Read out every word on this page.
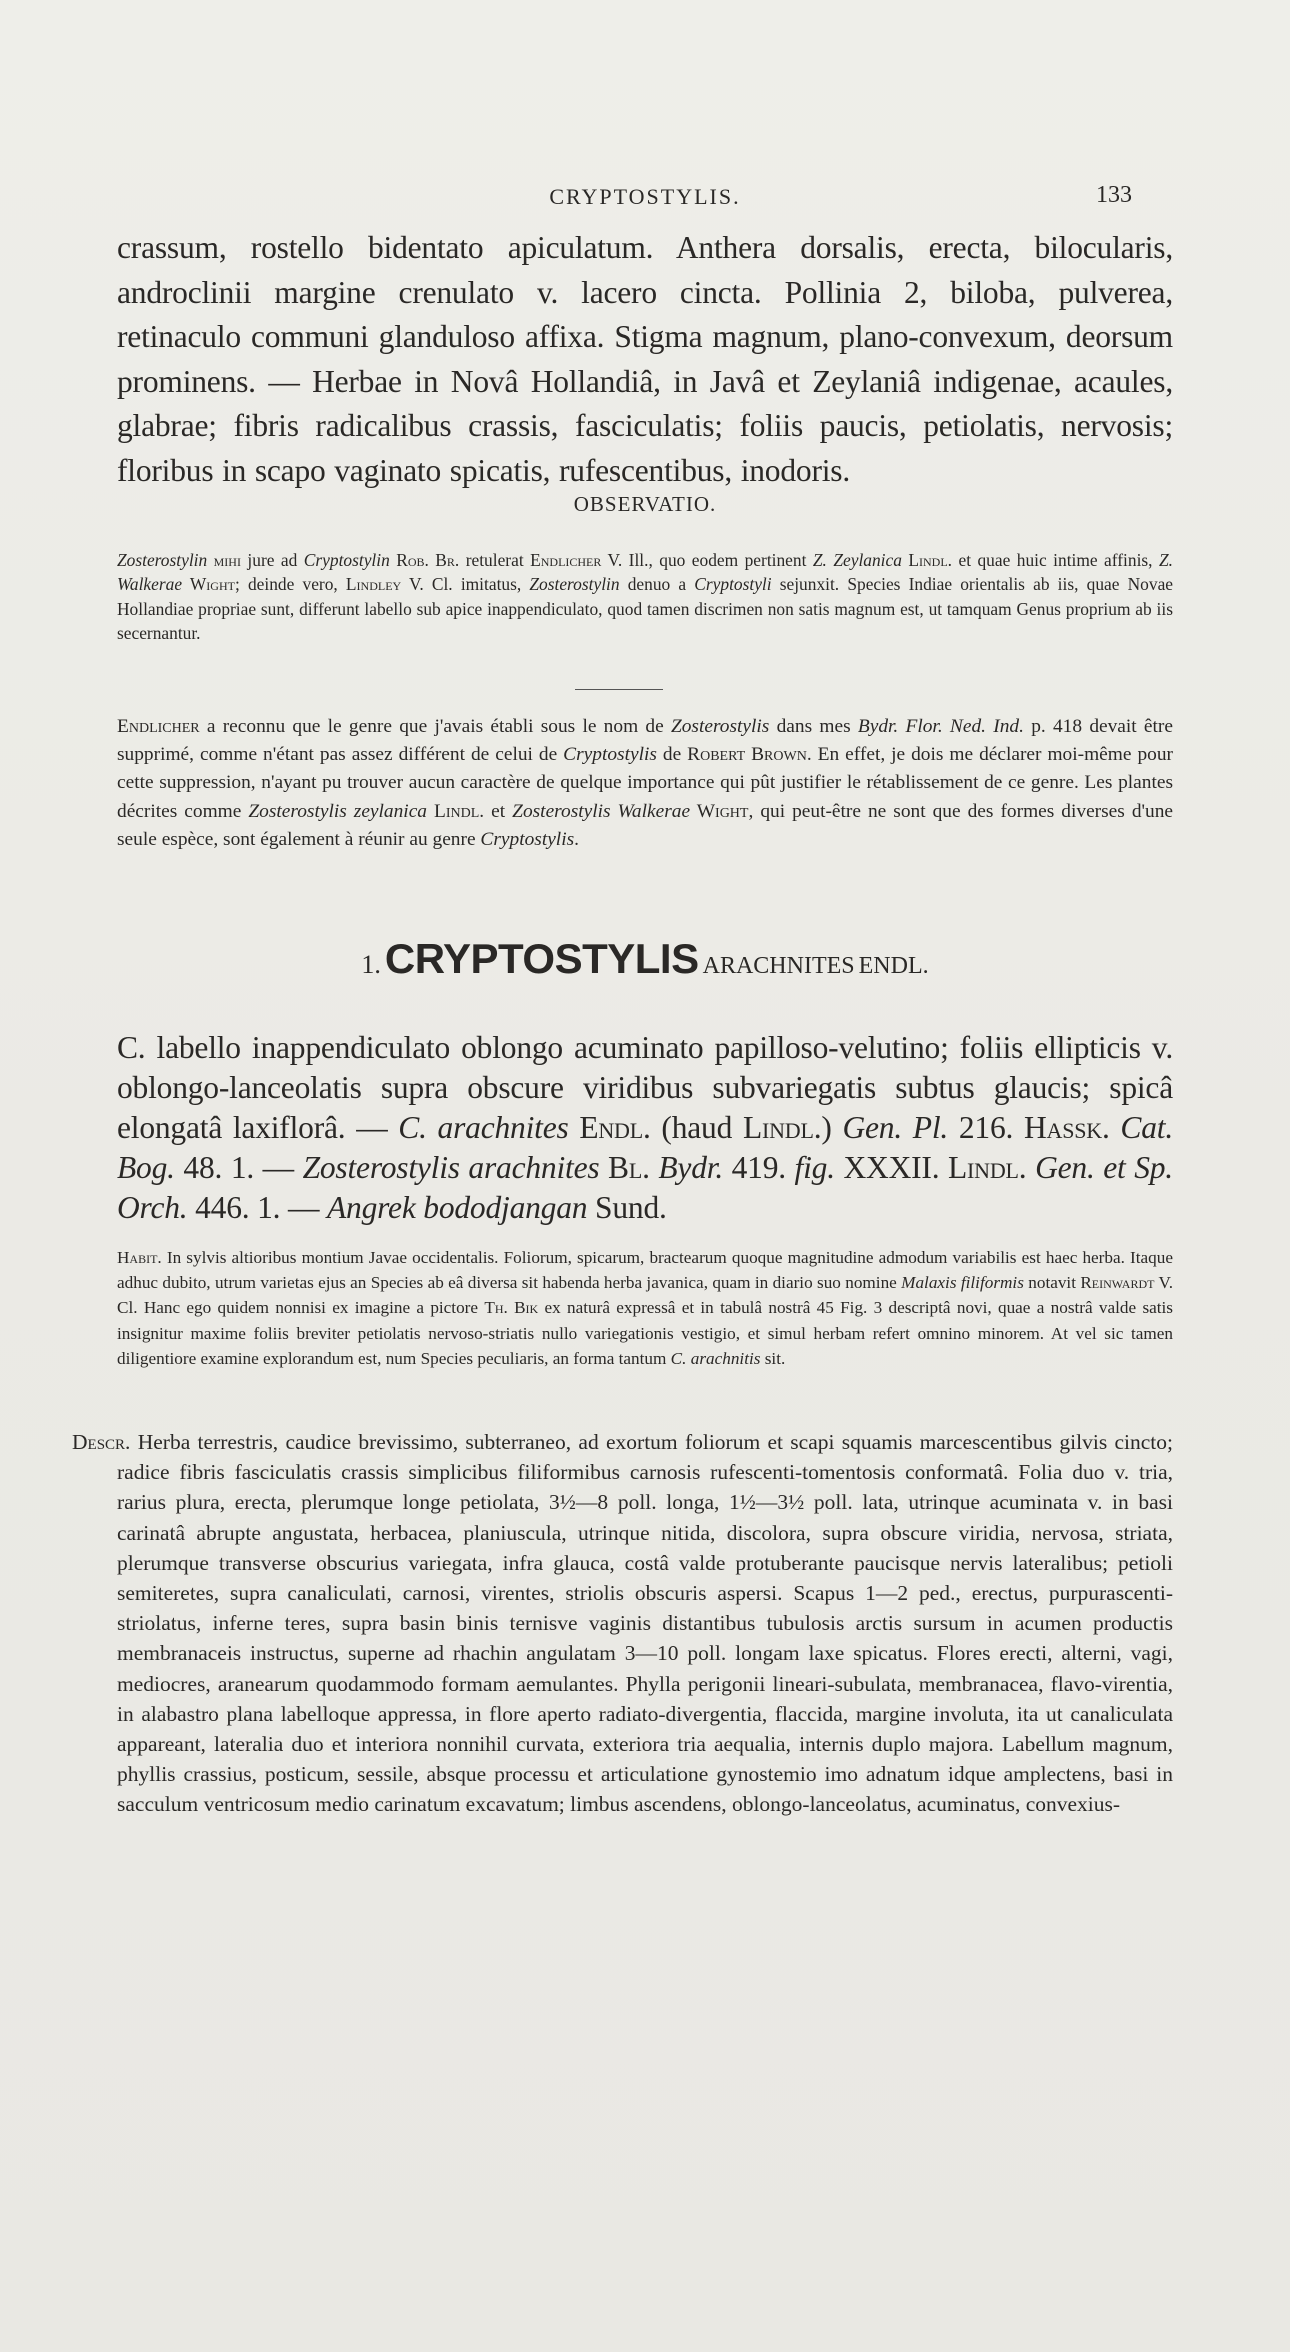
CRYPTOSTYLIS.	133
crassum, rostello bidentato apiculatum. Anthera dorsalis, erecta, bilocularis, androclinii margine crenulato v. lacero cincta. Pollinia 2, biloba, pulverea, retinaculo communi glanduloso affixa. Stigma magnum, plano-convexum, deorsum prominens. — Herbae in Novâ Hollandiâ, in Javâ et Zeylaniâ indigenae, acaules, glabrae; fibris radicalibus crassis, fasciculatis; foliis paucis, petiolatis, nervosis; floribus in scapo vaginato spicatis, rufescentibus, inodoris.
OBSERVATIO.
Zosterostylin mihi jure ad Cryptostylin Rob. Br. retulerat Endlicher V. Ill., quo eodem pertinent Z. Zeylanica Lindl. et quae huic intime affinis, Z. Walkerae Wight; deinde vero, Lindley V. Cl. imitatus, Zosterostylin denuo a Cryptostyli sejunxit. Species Indiae orientalis ab iis, quae Novae Hollandiae propriae sunt, differunt labello sub apice inappendiculato, quod tamen discrimen non satis magnum est, ut tamquam Genus proprium ab iis secernantur.
Endlicher a reconnu que le genre que j'avais établi sous le nom de Zosterostylis dans mes Bydr. Flor. Ned. Ind. p. 418 devait être supprimé, comme n'étant pas assez différent de celui de Cryptostylis de Robert Brown. En effet, je dois me déclarer moi-même pour cette suppression, n'ayant pu trouver aucun caractère de quelque importance qui pût justifier le rétablissement de ce genre. Les plantes décrites comme Zosterostylis zeylanica Lindl. et Zosterostylis Walkerae Wight, qui peut-être ne sont que des formes diverses d'une seule espèce, sont également à réunir au genre Cryptostylis.
1. CRYPTOSTYLIS ARACHNITES ENDL.
C. labello inappendiculato oblongo acuminato papilloso-velutino; foliis ellipticis v. oblongo-lanceolatis supra obscure viridibus subvariegatis subtus glaucis; spicâ elongatâ laxiflorâ. — C. arachnites Endl. (haud Lindl.) Gen. Pl. 216. Hassk. Cat. Bog. 48. 1. — Zosterostylis arachnites Bl. Bydr. 419. fig. XXXII. Lindl. Gen. et Sp. Orch. 446. 1. — Angrek bododjangan Sund.
Habit. In sylvis altioribus montium Javae occidentalis. Foliorum, spicarum, bractearum quoque magnitudine admodum variabilis est haec herba. Itaque adhuc dubito, utrum varietas ejus an Species ab eâ diversa sit habenda herba javanica, quam in diario suo nomine Malaxis filiformis notavit Reinwardt V. Cl. Hanc ego quidem nonnisi ex imagine a pictore Th. Bik ex naturâ expressâ et in tabulâ nostrâ 45 Fig. 3 descriptâ novi, quae a nostrâ valde satis insignitur maxime foliis breviter petiolatis nervoso-striatis nullo variegationis vestigio, et simul herbam refert omnino minorem. At vel sic tamen diligentiore examine explorandum est, num Species peculiaris, an forma tantum C. arachnitis sit.
Descr. Herba terrestris, caudice brevissimo, subterraneo, ad exortum foliorum et scapi squamis marcescentibus gilvis cincto; radice fibris fasciculatis crassis simplicibus filiformibus carnosis rufescenti-tomentosis conformatâ. Folia duo v. tria, rarius plura, erecta, plerumque longe petiolata, 3½—8 poll. longa, 1½—3½ poll. lata, utrinque acuminata v. in basi carinatâ abrupte angustata, herbacea, planiuscula, utrinque nitida, discolora, supra obscure viridia, nervosa, striata, plerumque transverse obscurius variegata, infra glauca, costâ valde protuberante paucisque nervis lateralibus; petioli semiteretes, supra canaliculati, carnosi, virentes, striolis obscuris aspersi. Scapus 1—2 ped., erectus, purpurascenti-striolatus, inferne teres, supra basin binis ternisve vaginis distantibus tubulosis arctis sursum in acumen productis membranaceis instructus, superne ad rhachin angulatam 3—10 poll. longam laxe spicatus. Flores erecti, alterni, vagi, mediocres, aranearum quodammodo formam aemulantes. Phylla perigonii lineari-subulata, membranacea, flavo-virentia, in alabastro plana labelloque appressa, in flore aperto radiato-divergentia, flaccida, margine involuta, ita ut canaliculata appareant, lateralia duo et interiora nonnihil curvata, exteriora tria aequalia, internis duplo majora. Labellum magnum, phyllis crassius, posticum, sessile, absque processu et articulatione gynostemio imo adnatum idque amplectens, basi in sacculum ventricosum medio carinatum excavatum; limbus ascendens, oblongo-lanceolatus, acuminatus, convexius-
